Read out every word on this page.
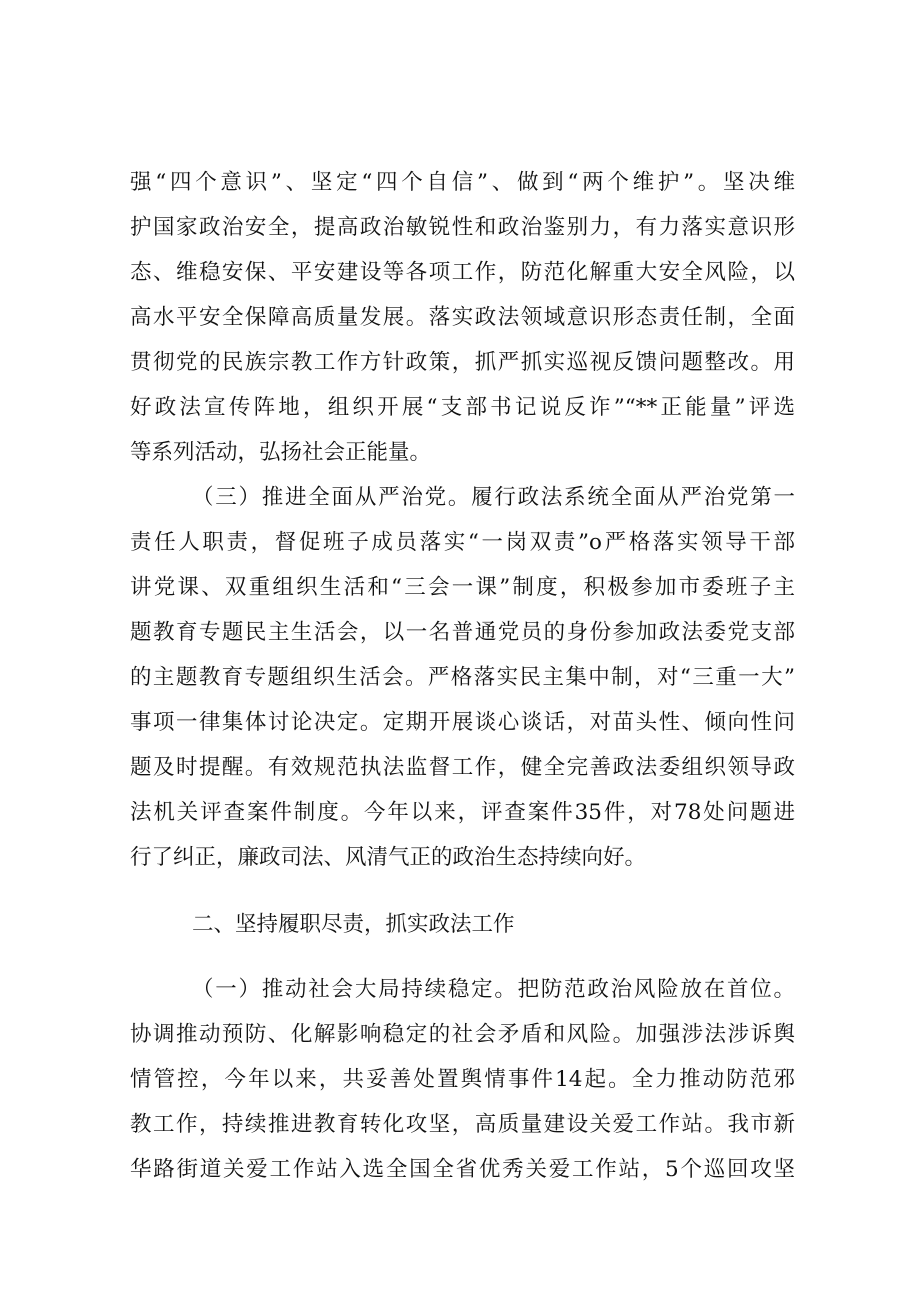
强“四个意识”、坚定“四个自信”、做到“两个维护”。坚决维
护国家政治安全，提高政治敏锐性和政治鉴别力，有力落实意识形
态、维稳安保、平安建设等各项工作，防范化解重大安全风险，以
高水平安全保障高质量发展。落实政法领域意识形态责任制，全面
贯彻党的民族宗教工作方针政策，抓严抓实巡视反馈问题整改。用
好政法宣传阵地，组织开展“支部书记说反诈”“**正能量”评选
等系列活动，弘扬社会正能量。
（三）推进全面从严治党。履行政法系统全面从严治党第一
责任人职责，督促班子成员落实“一岗双责”o严格落实领导干部
讲党课、双重组织生活和“三会一课”制度，积极参加市委班子主
题教育专题民主生活会，以一名普通党员的身份参加政法委党支部
的主题教育专题组织生活会。严格落实民主集中制，对“三重一大”
事项一律集体讨论决定。定期开展谈心谈话，对苗头性、倾向性问
题及时提醒。有效规范执法监督工作，健全完善政法委组织领导政
法机关评查案件制度。今年以来，评查案件35件，对78处问题进
行了纠正，廉政司法、风清气正的政治生态持续向好。
二、坚持履职尽责，抓实政法工作
（一）推动社会大局持续稳定。把防范政治风险放在首位。
协调推动预防、化解影响稳定的社会矛盾和风险。加强涉法涉诉舆
情管控，今年以来，共妥善处置舆情事件14起。全力推动防范邪
教工作，持续推进教育转化攻坚，高质量建设关爱工作站。我市新
华路街道关爱工作站入选全国全省优秀关爱工作站，5个巡回攻坚
